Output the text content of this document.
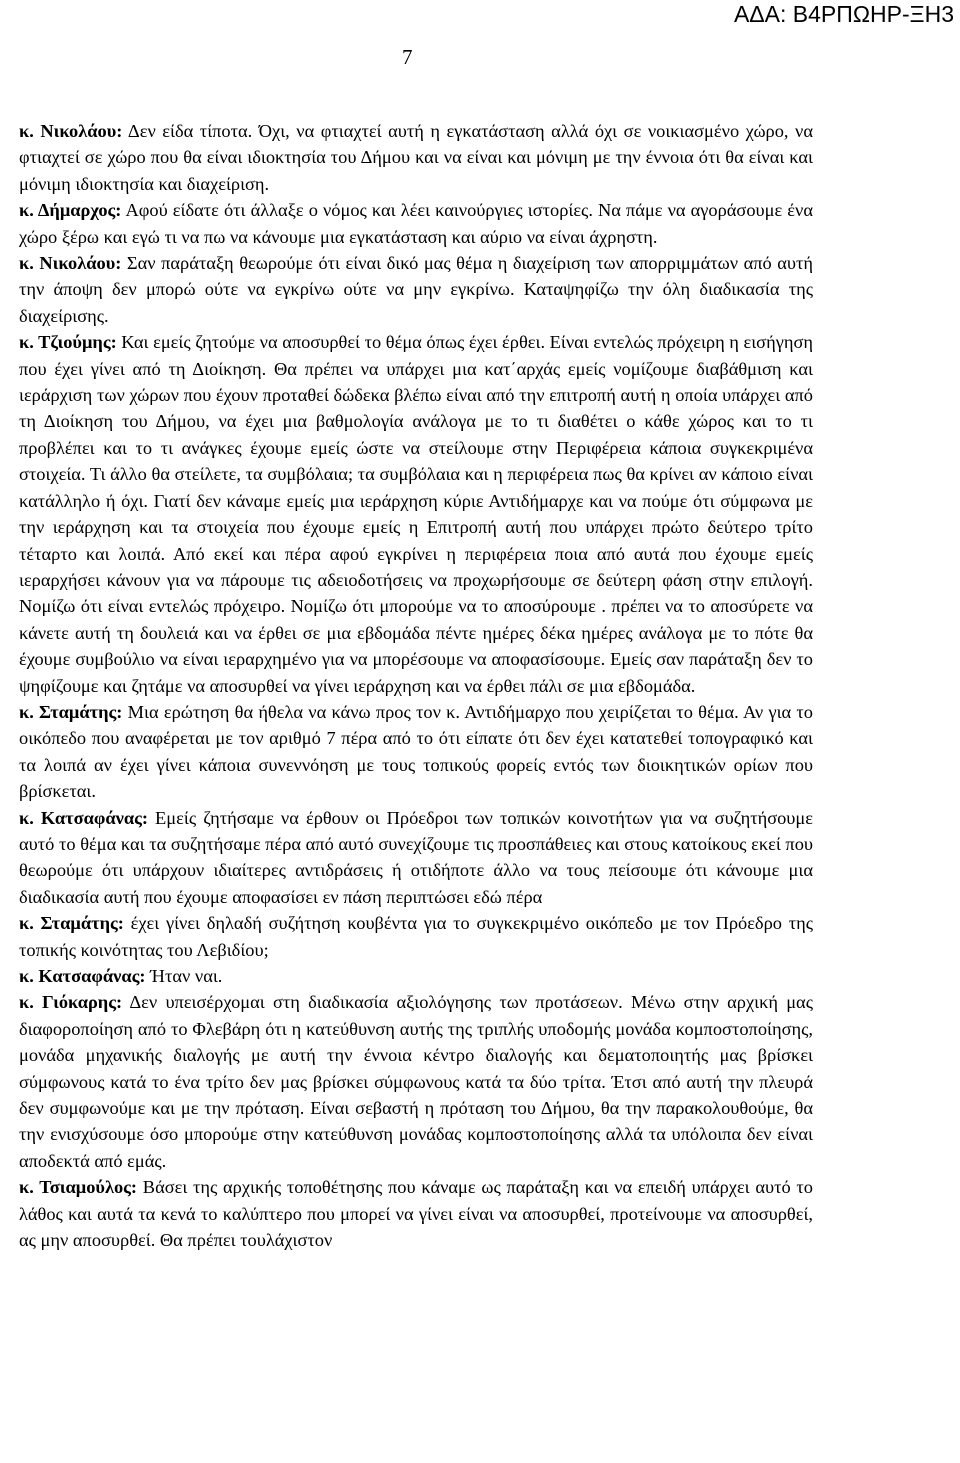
ΑΔΑ: Β4ΡΠΩΗΡ-ΞΗ3
7

κ. Νικολάου: Δεν είδα τίποτα. Όχι, να φτιαχτεί αυτή η εγκατάσταση αλλά όχι σε νοικιασμένο χώρο, να φτιαχτεί σε χώρο που θα είναι ιδιοκτησία του Δήμου και να είναι και μόνιμη με την έννοια ότι θα είναι και μόνιμη ιδιοκτησία και διαχείριση.

κ. Δήμαρχος: Αφού είδατε ότι άλλαξε ο νόμος και λέει καινούργιες ιστορίες. Να πάμε να αγοράσουμε ένα χώρο ξέρω και εγώ τι να πω να κάνουμε μια εγκατάσταση και αύριο να είναι άχρηστη.

κ. Νικολάου: Σαν παράταξη θεωρούμε ότι είναι δικό μας θέμα η διαχείριση των απορριμμάτων από αυτή την άποψη δεν μπορώ ούτε να εγκρίνω ούτε να μην εγκρίνω. Καταψηφίζω την όλη διαδικασία της διαχείρισης.

κ. Τζιούμης: Και εμείς ζητούμε να αποσυρθεί το θέμα όπως έχει έρθει. Είναι εντελώς πρόχειρη η εισήγηση που έχει γίνει από τη Διοίκηση. Θα πρέπει να υπάρχει μια κατ΄αρχάς εμείς νομίζουμε διαβάθμιση και ιεράρχιση των χώρων που έχουν προταθεί δώδεκα βλέπω είναι από την επιτροπή αυτή η οποία υπάρχει από τη Διοίκηση του Δήμου, να έχει μια βαθμολογία ανάλογα με το τι διαθέτει ο κάθε χώρος και το τι προβλέπει και το τι ανάγκες έχουμε εμείς ώστε να στείλουμε στην Περιφέρεια κάποια συγκεκριμένα στοιχεία. Τι άλλο θα στείλετε, τα συμβόλαια; τα συμβόλαια και η περιφέρεια πως θα κρίνει αν κάποιο είναι κατάλληλο ή όχι. Γιατί δεν κάναμε εμείς μια ιεράρχηση κύριε Αντιδήμαρχε και να πούμε ότι σύμφωνα με την ιεράρχηση και τα στοιχεία που έχουμε εμείς η Επιτροπή αυτή που υπάρχει πρώτο δεύτερο τρίτο τέταρτο και λοιπά. Από εκεί και πέρα αφού εγκρίνει η περιφέρεια ποια από αυτά που έχουμε εμείς ιεραρχήσει κάνουν για να πάρουμε τις αδειοδοτήσεις να προχωρήσουμε σε δεύτερη φάση στην επιλογή. Νομίζω ότι είναι εντελώς πρόχειρο. Νομίζω ότι μπορούμε να το αποσύρουμε . πρέπει να το αποσύρετε να κάνετε αυτή τη δουλειά και να έρθει σε μια εβδομάδα πέντε ημέρες δέκα ημέρες ανάλογα με το πότε θα έχουμε συμβούλιο να είναι ιεραρχημένο για να μπορέσουμε να αποφασίσουμε. Εμείς σαν παράταξη δεν το ψηφίζουμε και ζητάμε να αποσυρθεί να γίνει ιεράρχηση και να έρθει πάλι σε μια εβδομάδα.

κ. Σταμάτης: Μια ερώτηση θα ήθελα να κάνω προς τον κ. Αντιδήμαρχο που χειρίζεται το θέμα. Αν για το οικόπεδο που αναφέρεται με τον αριθμό 7 πέρα από το ότι είπατε ότι δεν έχει κατατεθεί τοπογραφικό και τα λοιπά αν έχει γίνει κάποια συνεννόηση με τους τοπικούς φορείς εντός των διοικητικών ορίων που βρίσκεται.

κ. Κατσαφάνας: Εμείς ζητήσαμε να έρθουν οι Πρόεδροι των τοπικών κοινοτήτων για να συζητήσουμε αυτό το θέμα και τα συζητήσαμε πέρα από αυτό συνεχίζουμε τις προσπάθειες και στους κατοίκους εκεί που θεωρούμε ότι υπάρχουν ιδιαίτερες αντιδράσεις ή οτιδήποτε άλλο να τους πείσουμε ότι κάνουμε μια διαδικασία αυτή που έχουμε αποφασίσει εν πάση περιπτώσει εδώ πέρα

κ. Σταμάτης: έχει γίνει δηλαδή συζήτηση κουβέντα για το συγκεκριμένο οικόπεδο με τον Πρόεδρο της τοπικής κοινότητας του Λεβιδίου;

κ. Κατσαφάνας: Ήταν ναι.

κ. Γιόκαρης: Δεν υπεισέρχομαι στη διαδικασία αξιολόγησης των προτάσεων. Μένω στην αρχική μας διαφοροποίηση από το Φλεβάρη ότι η κατεύθυνση αυτής της τριπλής υποδομής μονάδα κομποστοποίησης, μονάδα μηχανικής διαλογής με αυτή την έννοια κέντρο διαλογής και δεματοποιητής μας βρίσκει σύμφωνους κατά το ένα τρίτο δεν μας βρίσκει σύμφωνους κατά τα δύο τρίτα. Έτσι από αυτή την πλευρά δεν συμφωνούμε και με την πρόταση. Είναι σεβαστή η πρόταση του Δήμου, θα την παρακολουθούμε, θα την ενισχύσουμε όσο μπορούμε στην κατεύθυνση μονάδας κομποστοποίησης αλλά τα υπόλοιπα δεν είναι αποδεκτά από εμάς.

κ. Τσιαμούλος: Βάσει της αρχικής τοποθέτησης που κάναμε ως παράταξη και να επειδή υπάρχει αυτό το λάθος και αυτά τα κενά το καλύπτερο που μπορεί να γίνει είναι να αποσυρθεί, προτείνουμε να αποσυρθεί, ας μην αποσυρθεί. Θα πρέπει τουλάχιστον
